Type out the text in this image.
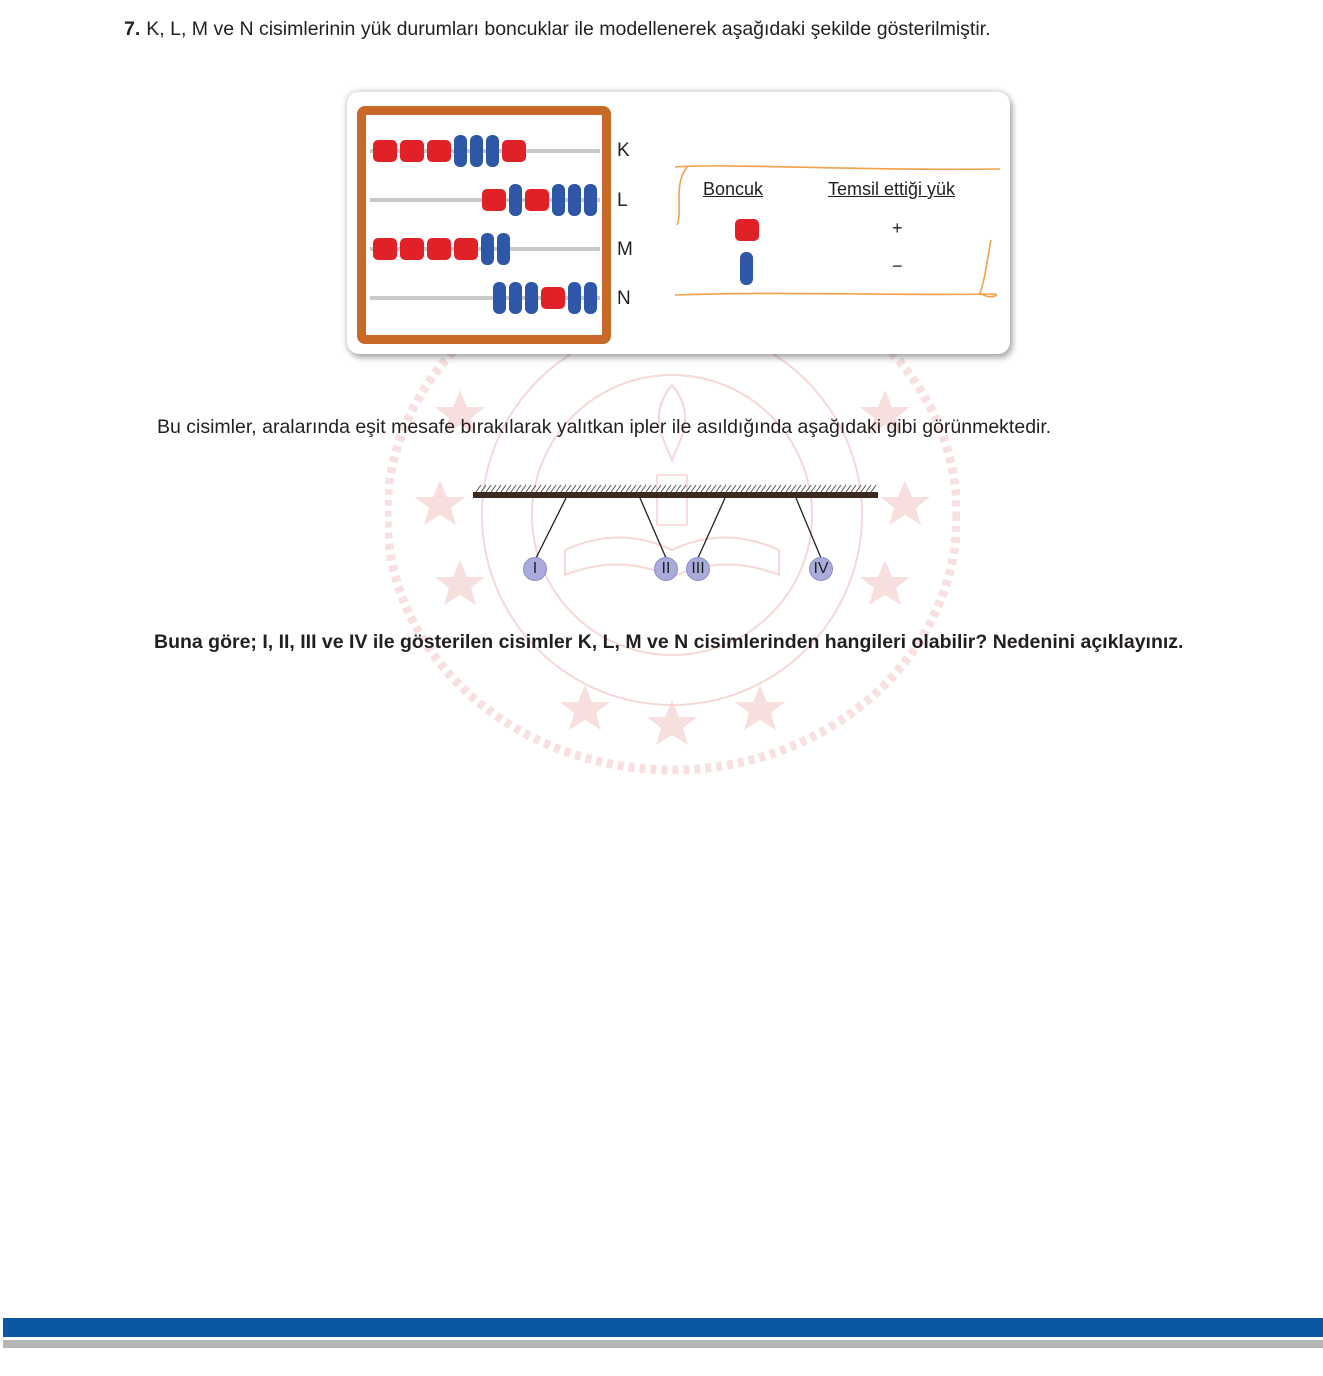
7. K, L, M ve N cisimlerinin yük durumları boncuklar ile modellenerek aşağıdaki şekilde gösterilmiştir.
K
L
M
N
Boncuk	Temsil ettiği yük
+
−
Bu cisimler, aralarında eşit mesafe bırakılarak yalıtkan ipler ile asıldığında aşağıdaki gibi görünmektedir.
I	II	III	IV
Buna göre; I, II, III ve IV ile gösterilen cisimler K, L, M ve N cisimlerinden hangileri olabilir? Nedenini açıklayınız.
